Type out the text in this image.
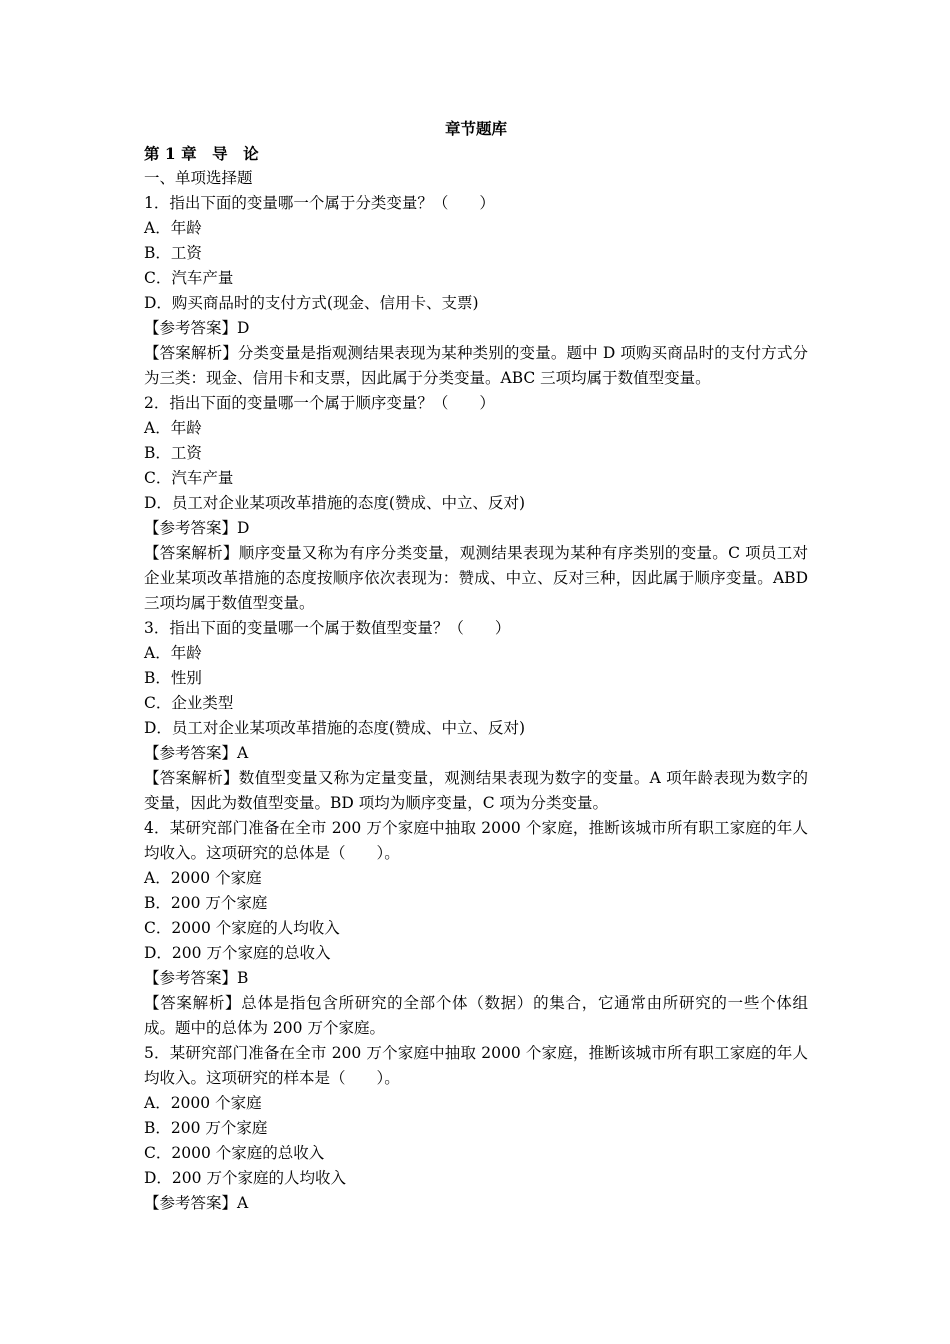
章节题库
第 1 章　导　论
一、单项选择题
1．指出下面的变量哪一个属于分类变量？（　　）
A．年龄
B．工资
C．汽车产量
D．购买商品时的支付方式(现金、信用卡、支票)
【参考答案】D
【答案解析】分类变量是指观测结果表现为某种类别的变量。题中 D 项购买商品时的支付方式分为三类：现金、信用卡和支票，因此属于分类变量。ABC 三项均属于数值型变量。
2．指出下面的变量哪一个属于顺序变量？（　　）
A．年龄
B．工资
C．汽车产量
D．员工对企业某项改革措施的态度(赞成、中立、反对)
【参考答案】D
【答案解析】顺序变量又称为有序分类变量，观测结果表现为某种有序类别的变量。C 项员工对企业某项改革措施的态度按顺序依次表现为：赞成、中立、反对三种，因此属于顺序变量。ABD 三项均属于数值型变量。
3．指出下面的变量哪一个属于数值型变量？（　　）
A．年龄
B．性别
C．企业类型
D．员工对企业某项改革措施的态度(赞成、中立、反对)
【参考答案】A
【答案解析】数值型变量又称为定量变量，观测结果表现为数字的变量。A 项年龄表现为数字的变量，因此为数值型变量。BD 项均为顺序变量，C 项为分类变量。
4．某研究部门准备在全市 200 万个家庭中抽取 2000 个家庭，推断该城市所有职工家庭的年人均收入。这项研究的总体是（　　）。
A．2000 个家庭
B．200 万个家庭
C．2000 个家庭的人均收入
D．200 万个家庭的总收入
【参考答案】B
【答案解析】总体是指包含所研究的全部个体（数据）的集合，它通常由所研究的一些个体组成。题中的总体为 200 万个家庭。
5．某研究部门准备在全市 200 万个家庭中抽取 2000 个家庭，推断该城市所有职工家庭的年人均收入。这项研究的样本是（　　）。
A．2000 个家庭
B．200 万个家庭
C．2000 个家庭的总收入
D．200 万个家庭的人均收入
【参考答案】A
